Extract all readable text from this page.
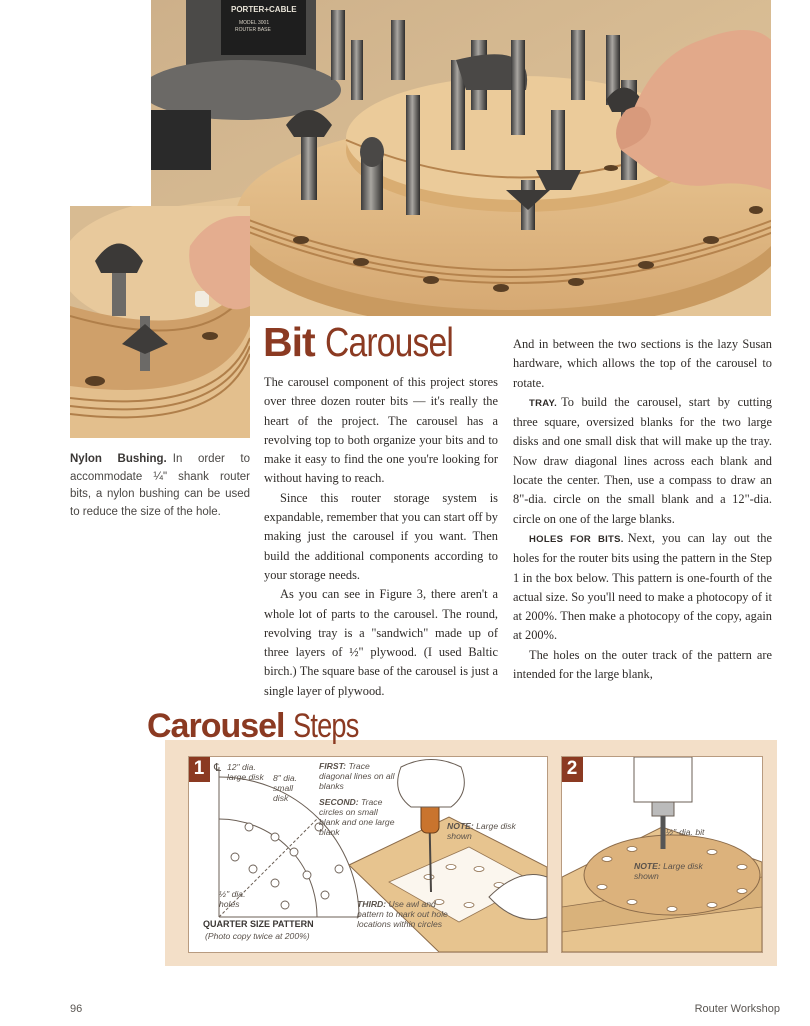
PORTER+CABLE
MODEL 3001
ROUTER BASE
Nylon Bushing. In order to accommodate ¼" shank router bits, a nylon bushing can be used to reduce the size of the hole.
Bit Carousel

The carousel component of this project stores over three dozen router bits — it's really the heart of the project. The carousel has a revolving top to both organize your bits and to make it easy to find the one you're looking for without having to reach.

Since this router storage system is expandable, remember that you can start off by making just the carousel if you want. Then build the additional components according to your storage needs.

As you can see in Figure 3, there aren't a whole lot of parts to the carousel. The round, revolving tray is a "sandwich" made up of three layers of ½" plywood. (I used Baltic birch.) The square base of the carousel is just a single layer of plywood.

And in between the two sections is the lazy Susan hardware, which allows the top of the carousel to rotate.

TRAY. To build the carousel, start by cutting three square, oversized blanks for the two large disks and one small disk that will make up the tray. Now draw diagonal lines across each blank and locate the center. Then, use a compass to draw an 8"-dia. circle on the small blank and a 12"-dia. circle on one of the large blanks.

HOLES FOR BITS. Next, you can lay out the holes for the router bits using the pattern in the Step 1 in the box below. This pattern is one-fourth of the actual size. So you'll need to make a photocopy of it at 200%. Then make a photocopy of the copy, again at 200%.

The holes on the outer track of the pattern are intended for the large blank,

Carousel Steps
1 ℄ 12" dia. large disk 8" dia. small disk
FIRST: Trace diagonal lines on all blanks
SECOND: Trace circles on small blank and one large blank
NOTE: Large disk shown
½" dia. holes	THIRD: Use awl and pattern to mark out hole locations within circles
QUARTER SIZE PATTERN
(Photo copy twice at 200%)
2
½"-dia. bit
NOTE: Large disk shown
96	Router Workshop
